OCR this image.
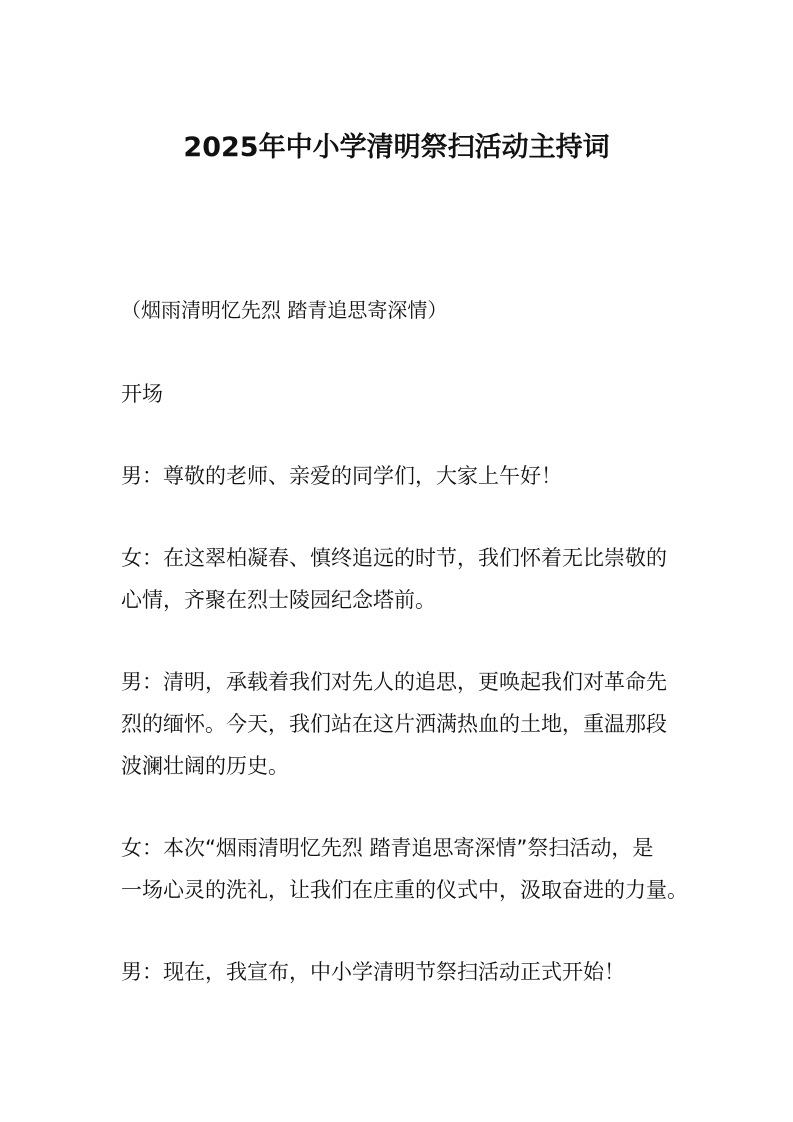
2025年中小学清明祭扫活动主持词
（烟雨清明忆先烈 踏青追思寄深情）

开场

男：尊敬的老师、亲爱的同学们，大家上午好！

女：在这翠柏凝春、慎终追远的时节，我们怀着无比崇敬的
心情，齐聚在烈士陵园纪念塔前。

男：清明，承载着我们对先人的追思，更唤起我们对革命先
烈的缅怀。今天，我们站在这片洒满热血的土地，重温那段
波澜壮阔的历史。

女：本次“烟雨清明忆先烈 踏青追思寄深情”祭扫活动，是
一场心灵的洗礼，让我们在庄重的仪式中，汲取奋进的力量。

男：现在，我宣布，中小学清明节祭扫活动正式开始！
